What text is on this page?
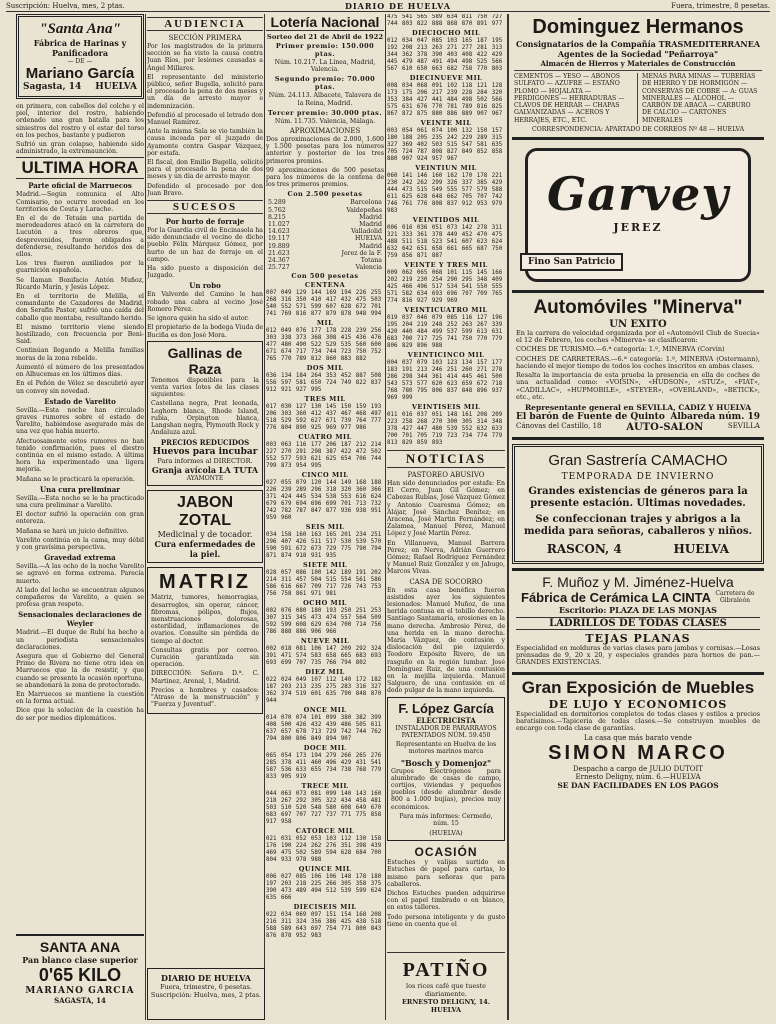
Suscripción: Huelva, mes, 2 ptas.	DIARIO DE HUELVA	Fuera, trimestre, 8 pesetas.
"Santa Ana"
Fábrica de Harinas y Panificadora
— DE —
Mariano García
Sagasta, 14 HUELVA

en primera, con cabellos del colche y el piel, interior del rostro, habiendo ordenado una gran batalla para los siniestros del rostro y el estar del torso en los pechos, bastante y pudieron

Sufrió un gran colapso, habiendo sido administrado, la extremaunción.

ULTIMA HORA
Parte oficial de Marruecos

Madrid.—Según comunica el Alto Comisario, no ocurre novedad en los territorios de Ceuta y Larache.

En el de de Tetuán una partida de merodeadores atacó en la carretera de Lucutón a tres obreros que, desprevenidos, fueron obligados a defenderse, resultando heridos dos de ellos.

Los tres fueron auxiliados por la guarnición española.

Se llaman Bonifacio Antón Muñoz, Ricardo Marín, y Jesús López.

En el territorio de Melilla, el comandante de Cazadores de Madrid, don Serafin Pastor, sufrió una caída del caballo que montaba, resultando herido.

El mismo territorio viene siendo hostilizado, con frecuencia por Beni-Said.

Continúan llegando a Melilla familias moras de la zona rebelde.

Aumentó el número de los presentados en Alhucemas en los últimos días.

En el Peñón de Vélez se descubrió ayer un convoy sin novedad.

Estado de Varelito

Sevilla.—Esta noche han circulado graves rumores sobre el estado de Varelito, habiéndose asegurado más de una vez que había muerto.

Afectuosamente estos rumores no han tenido confirmación, pues el diestro continúa en el mismo estado. A última hora ha experimentado una ligera mejoría.

Mañana se le practicará la operación.

Una cura preliminar

Sevilla.—Esta noche se le ha practicado una cura preliminar a Varelito.

El doctor sufrió la operación con gran entereza.

Mañana se hará un juicio definitivo.

Varelito continúa en la cama, muy débil y con gravísima perspectiva.

Gravedad extrema

Sevilla.—A las ocho de la noche Varelito se agravó en forma extrema. Parecía muerto.

Al lado del lecho se encuentran algunos compañeros de Varelito, a quien se profesa gran respeto.

Sensacionales declaraciones de Weyler

Madrid.—El duque de Rubí ha hecho a un periodista sensacionales declaraciones.

Asegura que el Gobierno del General Primo de Rivera no tiene otra idea en Marruecos que la de resistir, y que cuando se presente la ocasión oportuna, se abandonará la zona de protectorado.

En Marruecos se mantiene la cuestión en la forma actual.

Dice que la solución de la cuestión ha de ser por medios diplomáticos.

SANTA ANA
Pan blanco clase superior
0'65 KILO
MARIANO GARCIA
SAGASTA, 14
AUDIENCIA
SECCIÓN PRIMERA

Por los magistrados de la primera sección se ha visto la causa contra Juan Ríos, por lesiones causadas a Ángel Millares.

El representante del ministerio público, señor Bugella, solicitó para el procesado la pena de dos meses y un día de arresto mayor e indemnización.

Defendió al procesado el letrado don Manuel Ramírez.

Ante la misma Sala se vio también la causa incoada por el juzgado de Ayamonte contra Gaspar Vázquez, por estafa.

El fiscal, don Emilio Bugella, solicitó para el procesado la pena de dos meses y un día de arresto mayor.

Defendido el procesado por don Juan Bravo.

SUCESOS
Por hurto de forraje

Por la Guardia civil de Encinasola ha sido denunciado el vecino de dicho pueblo Félix Márquez Gómez, por hurto de un haz de forraje en el campo.

Ha sido puesto a disposición del Juzgado.

Un robo

En Valverde del Camino le han robado una cabra al vecino José Romero Pérez.

Se ignora quién ha sido el autor.

El propietario de la bodega Viuda de Buciña es don José Mora.

Gallinas de Raza

Tenemos disponibles para la venta varios lotes de las clases siguientes:

Castellana negra, Prat leonada, Leghorn blanca, Rhode Island, rubia, Orpington blanca, Langshan negra, Plymouth Rock y Andaluza azul.

PRECIOS REDUCIDOS
Huevos para incubar
Para informes al DIRECTOR.
Granja avícola LA TUTA
AYAMONTE
JABON ZOTAL
Medicinal y de tocador.
Cura enfermedades de la piel.
MATRIZ

Matriz, tumores, hemorragias, desarreglos, sin operar, cáncer, fibromas, pólipos, flujos, menstruaciones dolorosas, esterilidad, inflamaciones de ovarios. Consulte sin pérdida de tiempo al doctor.

Consultas gratis por correo. Curación garantizada sin operación.

DIRECCIÓN: Señora D.ª. C. Martinez, Arenal, 1, Madrid.

Precios a hombres y casados: "Atraso de la menstruación" y "Fuerza y Juventud".

DIARIO DE HUELVA
Fuera, trimestre, 6 pesetas.
Suscripción: Huelva, mes, 2 ptas.
Lotería Nacional
Sorteo del 21 de Abril de 1922
Primer premio: 150.000 ptas.

Núm. 10.217. La Línea, Madrid, Valencia.

Segundo premio: 70.000 ptas.

Núm. 24.113. Albacete, Talavera de la Reina, Madrid.

Tercer premio: 30.000 ptas.

Núm. 11.735. Valencia, Málaga.

APROXIMACIONES

Dos aproximaciones de 2.000, 1.600 y 1.500 pesetas para los números anterior y posterior de los tres primeros premios.

99 aproximaciones de 500 pesetas para los números de la centena de los tres primeros premios.

Con 2.500 pesetas
5.289	Barcelona
5.762	Valdepeñas
8.215	Madrid
11.027	Madrid
14.623	Valladolid
19.117	HUELVA
19.889	Madrid
21.623	Jerez de la F.
24.367	Totana
25.727	Valencia
Con 500 pesetas
CENTENA
007 049 129 144 169 194 226 255 268 316 350 410 417 432 475 503 540 552 571 599 607 628 672 701 741 769 816 877 879 878 948 994
MIL
012 049 076 177 178 228 239 256 303 338 373 368 308 415 436 476 477 480 490 522 529 535 560 600 671 674 717 734 744 723 750 752 765 770 789 812 860 883 882
DOS MIL
036 134 184 264 353 452 887 508 556 597 581 650 724 749 822 837 912 921 927 995
TRES MIL
017 030 127 130 145 150 159 193 206 303 360 412 437 467 468 497 518 529 592 627 671 739 764 777 776 804 890 925 969 977 986
CUATRO MIL
003 063 116 177 206 187 212 214 227 270 291 298 387 422 472 502 552 577 593 621 625 654 706 744 799 873 954 995
CINCO MIL
027 055 079 120 144 149 168 188 226 239 289 296 318 320 360 366 371 424 445 534 538 553 616 624 679 679 694 696 699 701 713 732 742 782 787 847 877 936 938 951 959 960
SEIS MIL
034 158 160 163 165 201 234 251 296 407 426 511 517 530 539 570 590 591 672 673 729 775 790 794 871 874 918 931 935
SIETE MIL
028 057 086 100 142 189 191 202 214 311 457 504 515 554 561 586 586 616 667 709 717 726 743 753 756 758 861 971 981
OCHO MIL
002 076 080 180 193 250 251 253 307 315 345 473 474 557 564 509 592 599 608 629 634 700 714 756 786 888 886 906 966
NUEVE MIL
002 018 081 106 147 209 292 324 391 471 574 583 658 665 683 693 693 699 707 735 766 794 802
DIEZ MIL
022 024 049 107 112 140 172 182 187 203 213 235 275 283 316 327 362 374 519 601 635 790 848 870 944
ONCE MIL
014 070 074 101 099 380 382 399 408 500 426 432 439 486 505 611 637 657 678 713 729 742 744 762 794 800 806 849 894 907
DOCE MIL
065 054 173 194 279 266 265 276 285 378 411 460 496 429 431 541 587 536 633 655 734 738 768 779 833 905 919
TRECE MIL
044 063 073 081 099 140 143 160 218 267 292 305 322 434 458 481 503 510 520 548 580 608 649 670 683 697 707 727 737 771 775 858 917 958
CATORCE MIL
021 031 052 053 103 112 130 158 176 190 224 262 276 351 398 439 469 475 502 589 594 628 684 700 804 933 978 988
QUINCE MIL
006 027 085 106 106 148 178 180 197 203 218 225 266 305 358 375 390 473 489 494 512 539 599 624 635 666
DIECISEIS MIL
022 034 069 097 151 154 168 208 216 311 324 356 386 425 438 518 588 589 643 697 754 771 800 843 876 878 952 983
475 541 565 589 634 811 750 727 744 803 822 888 868 870 891 977
DIECIOCHO MIL
012 034 047 085 103 165 187 195 192 208 213 263 271 277 281 313 344 362 378 390 403 408 422 429 445 479 487 491 494 498 525 566 567 610 650 663 682 758 770 803
DIECINUEVE MIL
008 034 068 091 102 118 121 128 173 175 206 217 239 228 284 320 353 384 427 441 484 498 502 566 575 631 676 770 781 789 816 825 867 872 875 880 886 889 907 967
VEINTE MIL
003 054 061 074 100 132 150 157 180 188 205 235 242 229 289 315 327 369 402 503 515 547 581 635 705 724 787 808 827 849 852 858 880 907 924 957 967
VEINTIUN MIL
060 141 146 160 162 170 178 221 230 242 262 299 326 337 385 429 444 473 515 549 555 577 579 588 611 625 628 648 662 705 707 742 746 761 776 808 837 912 953 979 983
VEINTIDOS MIL
006 016 036 051 073 142 278 311 321 333 361 378 449 452 470 475 488 511 518 523 541 607 623 624 632 642 651 658 661 665 687 750 759 856 871 887
VEINTE Y TRES MIL
009 062 065 068 101 115 145 166 202 219 230 254 290 295 348 409 425 466 496 517 534 541 550 555 571 582 634 693 696 707 709 765 774 816 927 929 969
VEINTICUATRO MIL
019 037 046 079 085 116 127 196 195 204 219 248 252 263 267 339 420 440 484 499 537 599 613 631 683 700 717 725 741 750 770 779 806 829 896 988
VEINTICINCO MIL
004 037 079 103 123 134 157 177 183 191 213 246 251 260 271 278 286 298 344 361 414 445 461 500 543 573 577 620 623 659 672 718 768 780 795 806 837 848 896 937 969 999
VEINTISEIS MIL
011 016 037 051 148 161 208 209 223 258 268 270 300 305 314 348 378 427 447 480 539 552 632 633 700 701 705 719 723 734 774 779 813 829 859 893
NOTICIAS
PASTOREO ABUSIVO

Han sido denunciados por estafa: En El Cerro, Juan Gil Gómez; en Cabezas Rubias, José Vázquez Gómez y Antonio Cuaresma Gómez; en Alájar, José Sánchez Benítez; en Aracena, José Martin Fernández; en Zalamea, Manuel Pérez, Manuel López y José Martín Pérez.

En Villanueva, Manuel Barrera Pérez; en Nerva, Adrián Guerrero Gómez; Rafael Rodríguez Fernández y Manuel Ruiz González y en Jabugo, Marcos Vivas.

CASA DE SOCORRO

En esta casa benéfica fueron asistidos ayer los siguientes lesionados: Manuel Muñoz, de una herida contusa en el tobillo derecho. Santiago Santamaría, erosiones en la mano derecha. Ambrosio Pérez, de una herida en la mano derecha. María Vázquez, de contusión y dislocación del pie izquierdo. Teodoro Expósito Rivero, de un rasguño en la región lumbar. José Domínguez Ruiz, de una contusión en la mejilla izquierda. Manuel Salguero, de una contusión en el dedo pulgar de la mano izquierda.

F. López García
ELECTRICISTA

INSTALADOR DE PARARRAYOS PATENTADOS NÚM. 59.450

Representante en Huelva de los motores marinos marca

"Bosch y Domenjoz"

Grupos Electrógenos para alumbrado de casas de campo, cortijos, viviendas y pequeños pueblos (desde alumbrar desde 800 a 1.000 bujías), precios muy económicos.

Para más informes: Cermeño, núm. 15

(HUELVA)
OCASIÓN

Estuches y valijas surtido en Estuches de papel para cartas, lo mismo para señoras que para caballeros.

Dichos Estuches pueden adquirirse con el papel timbrado o en blanco, en estos talleres.

Todo persona inteligente y de gusto tiene en cuenta que el

PATIÑO
los rices café que tueste diariamente.
ERNESTO DELIGNY, 14. HUELVA
Dominguez Hermanos
Consignatarios de la Compañía TRASMEDITERRANEA
Agentes de la Sociedad "Peñarroya"
Almacén de Hierros y Materiales de Construcción
CEMENTOS — YESO — ABONOS SULFATO — AZUFRE — ESTAÑO PLOMO — HOJALATA — PERDIGONES — HERRADURAS — CLAVOS DE HERRAR — CHAPAS GALVANIZADAS — ACEROS Y HERRAJES, ETC., ETC.
MENAS PARA MINAS — TUBERÍAS DE HIERRO Y DE HORMIGÓN — CONSERVAS DE COBRE — A: GUAS MINERALES — ALCOHOL — CARBÓN DE ABACÁ — CARBURO DE CALCIO — CARTONES MINERALES
CORRESPONDENCIA: APARTADO DE CORREOS Nº 48 — HUELVA
Garvey
JEREZ
Fino San Patricio
Automóviles "Minerva"
UN EXITO

En la carrera de velocidad organizada por el «Automóvil Club de Suecia» el 12 de Febrero, los coches «Minerva» se clasificaron:

COCHES DE TURISMO.—6.ª categoría: 1.º, MINERVA (Corvin)

COCHES DE CARRETERAS.—6.ª categoría: 1.º, MINERVA (Ostermann), haciendo el mejor tiempo de todos los coches inscritos en ambas clases.

Resalta la importancia de esta prueba la presencia en ella de coches de una actualidad como: «VOISIN», «HUDSON», «STUZ», «FIAT», «CADILLAC», «HUPMOBILE», «STEYER», «OVERLAND», «BETICK», etc., etc.

Representante general en SEVILLA, CADIZ Y HUELVA
El barón de Fuente de Quinto Albareda núm. 19
Cánovas del Castillo, 18 AUTO-SALON	SEVILLA
Gran Sastrería CAMACHO
TEMPORADA DE INVIERNO
Grandes existencias de géneros para la presente estación. Ultimas novedades.
Se confeccionan trajes y abrigos a la medida para señoras, caballeros y niños.
RASCON, 4	HUELVA
F. Muñoz y M. Jiménez-Huelva
Fábrica de Cerámica LA CINTA Carretera de Gibraleón
Escritorio: PLAZA DE LAS MONJAS
LADRILLOS DE TODAS CLASES
TEJAS PLANAS

Especialidad en molduras de varias clases para jambas y cornisas.—Losas prensadas de 9, 20 x 20, y especiales grandes para hornos de pan.—GRANDES EXISTENCIAS.

Gran Exposición de Muebles
DE LUJO Y ECONOMICOS

Especialidad en dormitorios completos de todas clases y estilos a precios baratísimos.—Tapicería de todas clases.—Se construyen muebles de encargo con toda clase de garantías.

La casa que más barato vende
SIMON MARCO
Despacho a cargo de JULIO DUTOIT
Ernesto Deligny, núm. 6.—HUELVA
SE DAN FACILIDADES EN LOS PAGOS
